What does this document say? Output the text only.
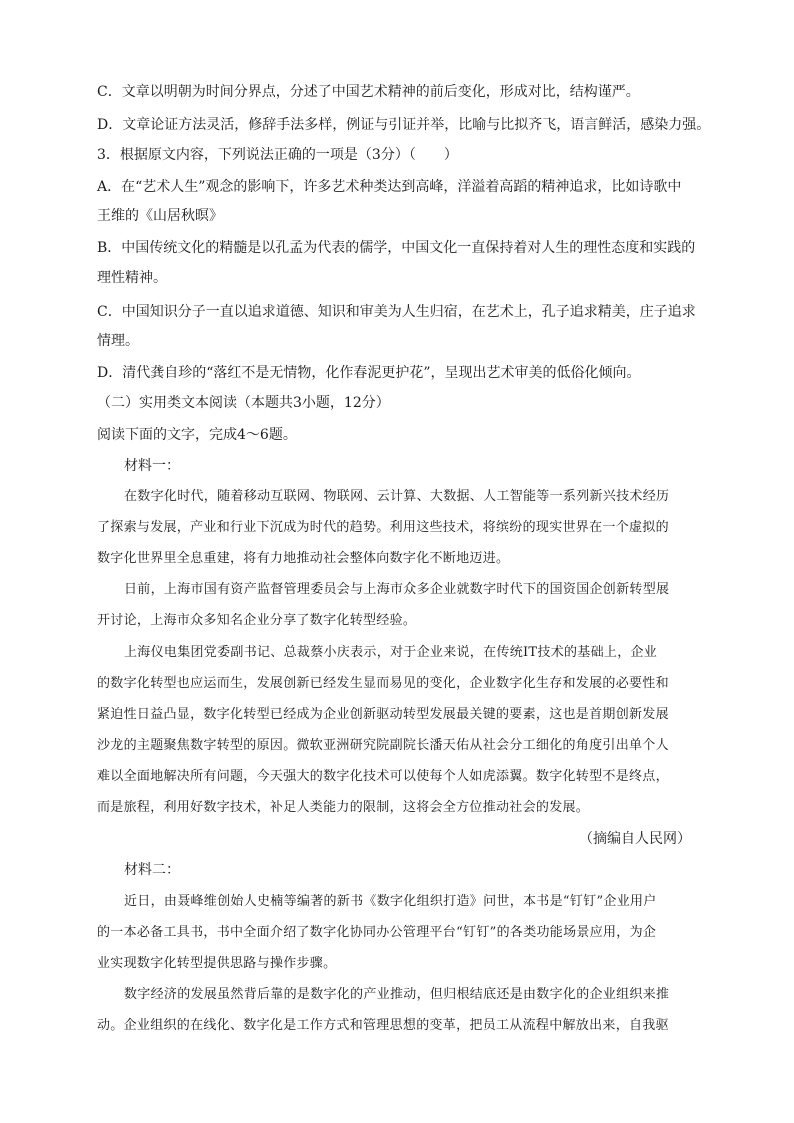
C．文章以明朝为时间分界点，分述了中国艺术精神的前后变化，形成对比，结构谨严。
D．文章论证方法灵活，修辞手法多样，例证与引证并举，比喻与比拟齐飞，语言鲜活，感染力强。
3．根据原文内容，下列说法正确的一项是（3分）（　　）
A．在“艺术人生”观念的影响下，许多艺术种类达到高峰，洋溢着高蹈的精神追求，比如诗歌中
王维的《山居秋暝》
B．中国传统文化的精髓是以孔孟为代表的儒学，中国文化一直保持着对人生的理性态度和实践的
理性精神。
C．中国知识分子一直以追求道德、知识和审美为人生归宿，在艺术上，孔子追求精美，庄子追求
情理。
D．清代龚自珍的“落红不是无情物，化作春泥更护花”，呈现出艺术审美的低俗化倾向。
（二）实用类文本阅读（本题共3小题，12分）
阅读下面的文字，完成4～6题。
材料一：
在数字化时代，随着移动互联网、物联网、云计算、大数据、人工智能等一系列新兴技术经历
了探索与发展，产业和行业下沉成为时代的趋势。利用这些技术，将缤纷的现实世界在一个虚拟的
数字化世界里全息重建，将有力地推动社会整体向数字化不断地迈进。
日前，上海市国有资产监督管理委员会与上海市众多企业就数字时代下的国资国企创新转型展
开讨论，上海市众多知名企业分享了数字化转型经验。
上海仪电集团党委副书记、总裁蔡小庆表示，对于企业来说，在传统IT技术的基础上，企业
的数字化转型也应运而生，发展创新已经发生显而易见的变化，企业数字化生存和发展的必要性和
紧迫性日益凸显，数字化转型已经成为企业创新驱动转型发展最关键的要素，这也是首期创新发展
沙龙的主题聚焦数字转型的原因。微软亚洲研究院副院长潘天佑从社会分工细化的角度引出单个人
难以全面地解决所有问题，今天强大的数字化技术可以使每个人如虎添翼。数字化转型不是终点，
而是旅程，利用好数字技术，补足人类能力的限制，这将会全方位推动社会的发展。
（摘编自人民网）
材料二：
近日，由聂峰维创始人史楠等编著的新书《数字化组织打造》问世，本书是“钉钉”企业用户
的一本必备工具书，书中全面介绍了数字化协同办公管理平台“钉钉”的各类功能场景应用，为企
业实现数字化转型提供思路与操作步骤。
数字经济的发展虽然背后靠的是数字化的产业推动，但归根结底还是由数字化的企业组织来推
动。企业组织的在线化、数字化是工作方式和管理思想的变革，把员工从流程中解放出来，自我驱
